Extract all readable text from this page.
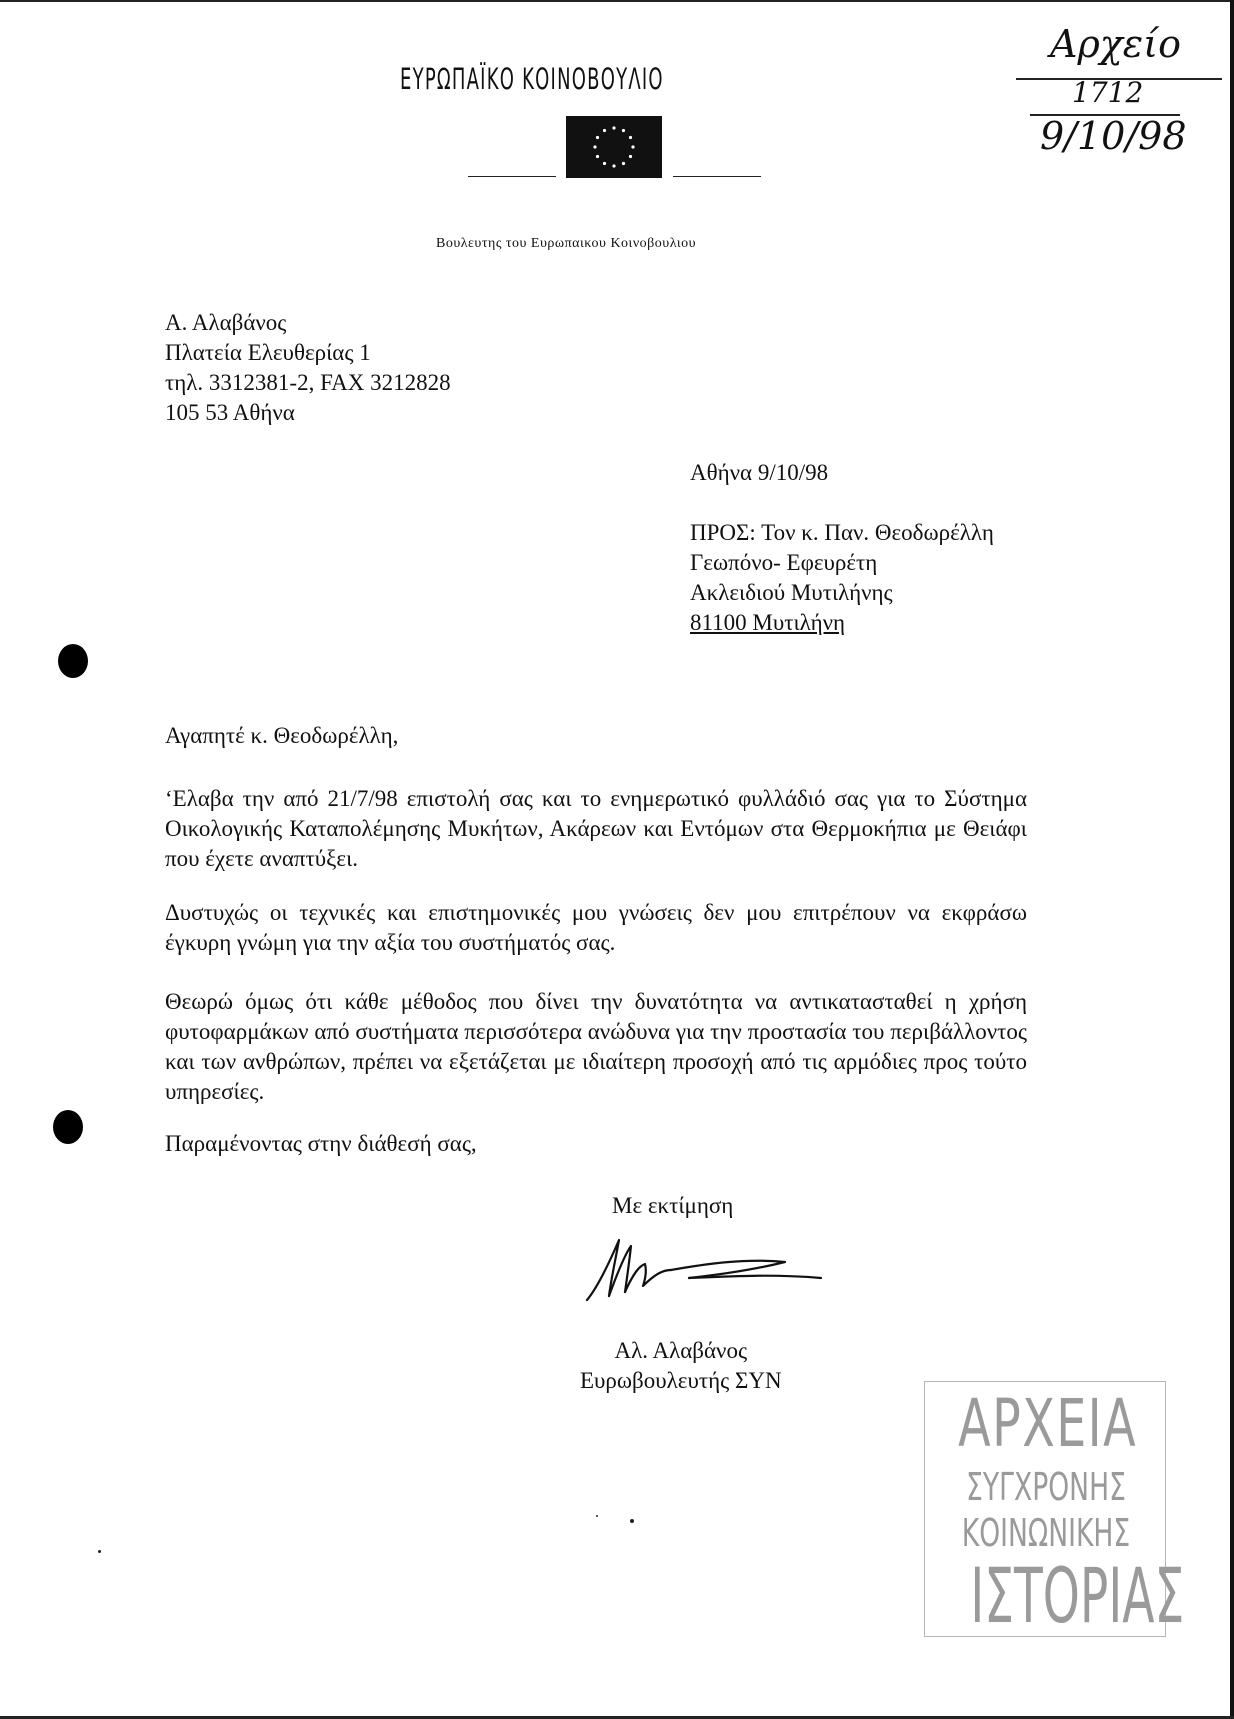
ΕΥΡΩΠΑΪΚΟ ΚΟΙΝΟΒΟΥΛΙΟ
Βουλευτης του Ευρωπαικου Κοινοβουλιου
Αρχείο
1712
9/10/98
Α. Αλαβάνος
Πλατεία Ελευθερίας 1
τηλ. 3312381-2, FAX 3212828
105 53 Αθήνα
Αθήνα 9/10/98
ΠΡΟΣ: Τον κ. Παν. Θεοδωρέλλη
Γεωπόνο- Εφευρέτη
Ακλειδιού Μυτιλήνης
81100 Μυτιλήνη
Αγαπητέ κ. Θεοδωρέλλη,
‘Ελαβα την από 21/7/98 επιστολή σας και το ενημερωτικό φυλλάδιό σας για το Σύστημα Οικολογικής Καταπολέμησης Μυκήτων, Ακάρεων και Εντόμων στα Θερμοκήπια με Θειάφι που έχετε αναπτύξει.
Δυστυχώς οι τεχνικές και επιστημονικές μου γνώσεις δεν μου επιτρέπουν να εκφράσω έγκυρη γνώμη για την αξία του συστήματός σας.
Θεωρώ όμως ότι κάθε μέθοδος που δίνει την δυνατότητα να αντικατασταθεί η χρήση φυτοφαρμάκων από συστήματα περισσότερα ανώδυνα για την προστασία του περιβάλλοντος και των ανθρώπων, πρέπει να εξετάζεται με ιδιαίτερη προσοχή από τις αρμόδιες προς τούτο υπηρεσίες.
Παραμένοντας στην διάθεσή σας,
Με εκτίμηση
Αλ. Αλαβάνος
Ευρωβουλευτής ΣΥΝ
ΑΡΧΕΙΑ
ΣΥΓΧΡΟΝΗΣ
ΚΟΙΝΩΝΙΚΗΣ
ΙΣΤΟΡΙΑΣ
